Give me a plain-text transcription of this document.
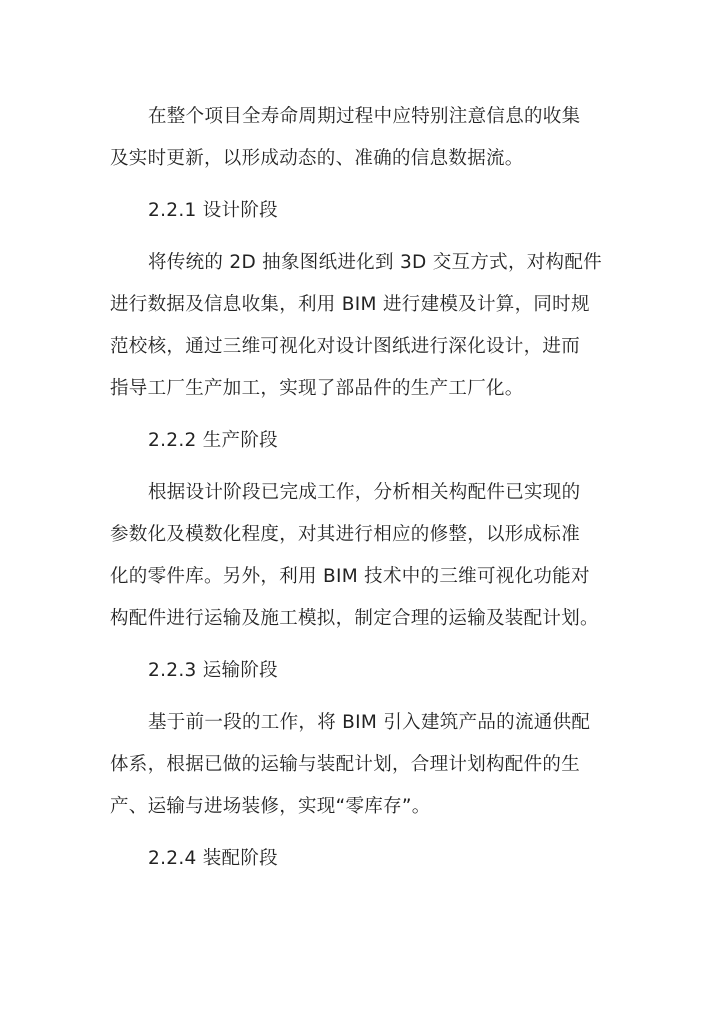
在整个项目全寿命周期过程中应特别注意信息的收集
及实时更新，以形成动态的、准确的信息数据流。
2.2.1 设计阶段
将传统的 2D 抽象图纸进化到 3D 交互方式，对构配件
进行数据及信息收集，利用 BIM 进行建模及计算，同时规
范校核，通过三维可视化对设计图纸进行深化设计，进而
指导工厂生产加工，实现了部品件的生产工厂化。
2.2.2 生产阶段
根据设计阶段已完成工作，分析相关构配件已实现的
参数化及模数化程度，对其进行相应的修整，以形成标准
化的零件库。另外，利用 BIM 技术中的三维可视化功能对
构配件进行运输及施工模拟，制定合理的运输及装配计划。
2.2.3 运输阶段
基于前一段的工作，将 BIM 引入建筑产品的流通供配
体系，根据已做的运输与装配计划，合理计划构配件的生
产、运输与进场装修，实现“零库存”。
2.2.4 装配阶段
